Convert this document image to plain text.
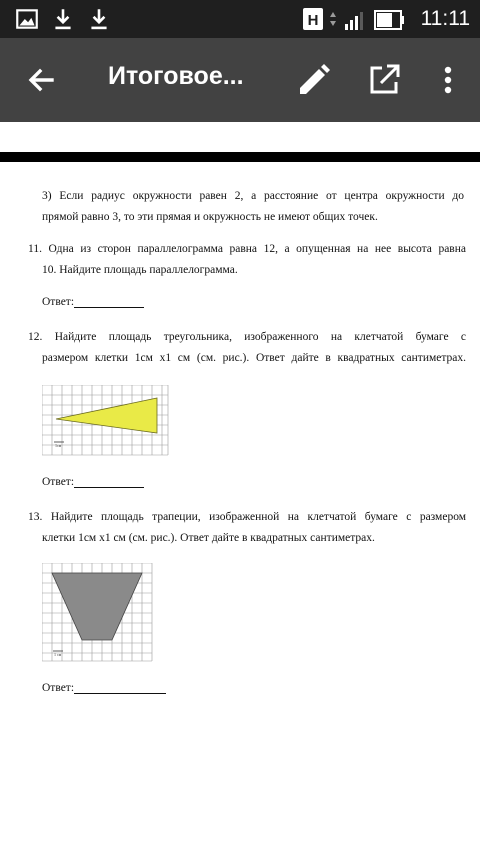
H	11:11
Итоговое...
3) Если радиус окружности равен 2, а расстояние от центра окружности до
прямой равно 3, то эти прямая и окружность не имеют общих точек.
11. Одна из сторон параллелограмма равна 12, а опущенная на нее высота равна
10. Найдите площадь параллелограмма.
Ответ:
12. Найдите площадь треугольника, изображенного на клетчатой бумаге с
размером клетки 1см х1 см (см. рис.). Ответ дайте в квадратных сантиметрах.
1см
Ответ:
13. Найдите площадь трапеции, изображенной на клетчатой бумаге с размером
клетки 1см х1 см (см. рис.). Ответ дайте в квадратных сантиметрах.
1 см
Ответ:
